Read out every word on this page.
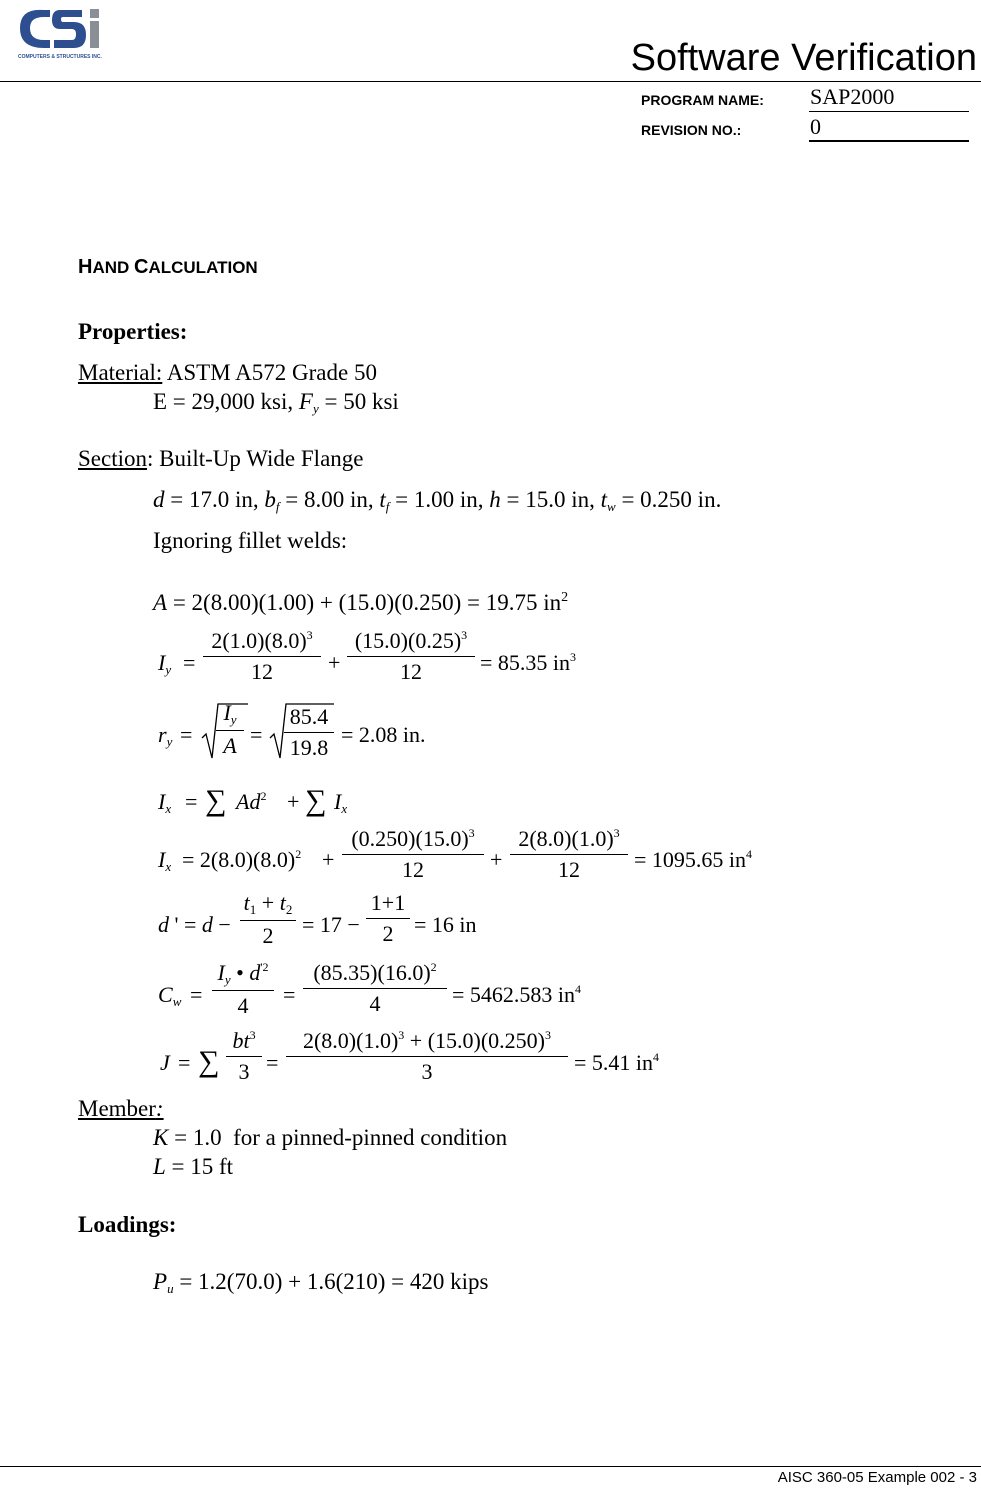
COMPUTERS & STRUCTURES INC.	Software Verification
PROGRAM NAME: SAP2000
REVISION NO.:	0
HAND CALCULATION
Properties:
Material: ASTM A572 Grade 50
E = 29,000 ksi, $F_y = 50$ ksi
Section: Built-Up Wide Flange
d = 17.0 in, $b_f = 8.00$ in, $t_f = 1.00$ in, h = 15.0 in, $t_w = 0.250$ in.
Ignoring fillet welds:
A = 2(8.00)(1.00) + (15.0)(0.250) = 19.75 $in^2$
$I_y$ =
$2(1.0)(8.0)^3$
12	+
$(15.0)(0.25)^3$
12	= 85.35 $in^3$
$r_y$ =
$I_y$
A =
85.4
19.8
= 2.08 in.
$I_x$ = ∑ $Ad^2$ + ∑ $I_x$
$I_x = 2(8.0)(8.0)^2$ +
$(0.250)(15.0)^3$
12	+
$2(8.0)(1.0)^3$
12	= 1095.65 $in^4$
d ' = d −
$t_1 + t_2$
2	= 17 −
1+1
2 = 16 in
$C_w$ =
$I_y$ • $d^{'2}$
4	=
$(85.35)(16.0)^2$
4	= 5462.583 $in^4$
J = ∑
$bt^3$
3 =
$2(8.0)(1.0)^3 + (15.0)(0.250)^3$
3	= 5.41 $in^4$
Member:
K = 1.0  for a pinned-pinned condition
L = 15 ft
Loadings:
$P_u = 1.2(70.0) + 1.6(210) = 420$ kips
AISC 360-05 Example 002 - 3
